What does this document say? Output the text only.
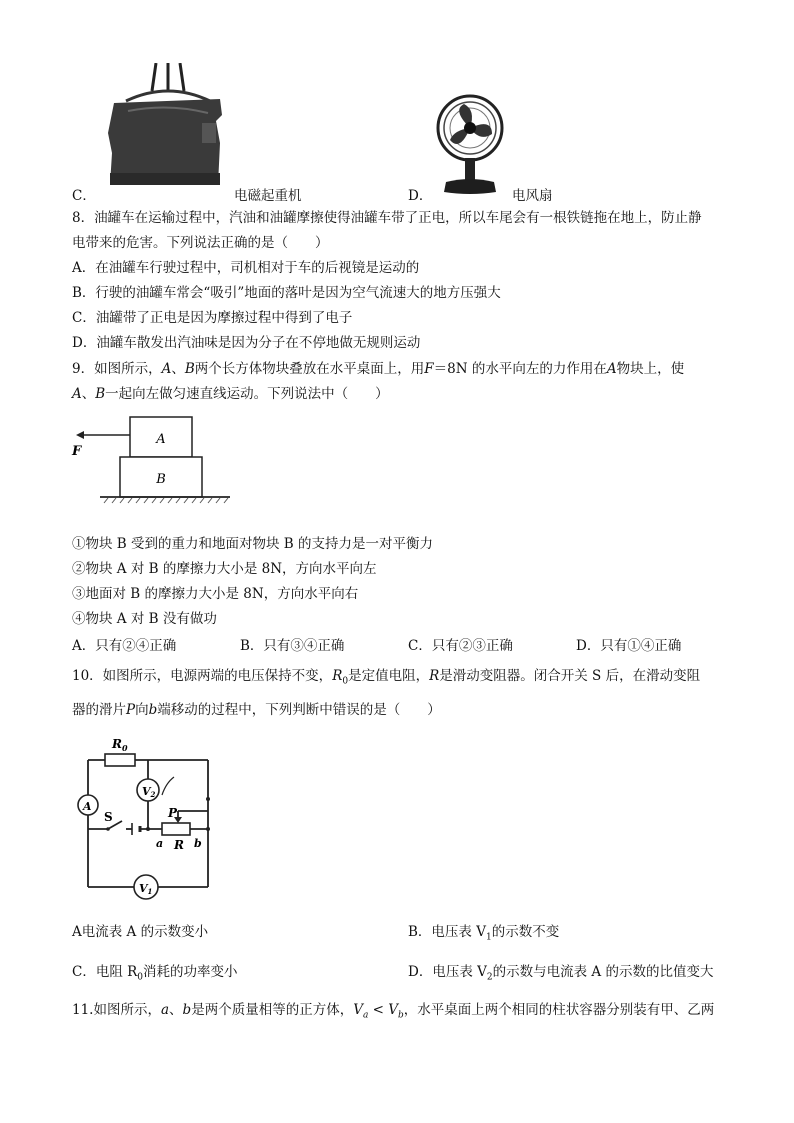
C．	电磁起重机	D．	电风扇
8．油罐车在运输过程中，汽油和油罐摩擦使得油罐车带了正电，所以车尾会有一根铁链拖在地上，防止静
电带来的危害。下列说法正确的是（　　）
A．在油罐车行驶过程中，司机相对于车的后视镜是运动的
B．行驶的油罐车常会“吸引”地面的落叶是因为空气流速大的地方压强大
C．油罐带了正电是因为摩擦过程中得到了电子
D．油罐车散发出汽油味是因为分子在不停地做无规则运动
9．如图所示，A、B两个长方体物块叠放在水平桌面上，用F＝8N 的水平向左的力作用在A物块上，使
A、B一起向左做匀速直线运动。下列说法中（　　）
A
B
F
①物块 B 受到的重力和地面对物块 B 的支持力是一对平衡力
②物块 A 对 B 的摩擦力大小是 8N，方向水平向左
③地面对 B 的摩擦力大小是 8N，方向水平向右
④物块 A 对 B 没有做功
A．只有②④正确	B．只有③④正确	C．只有②③正确	D．只有①④正确
10．如图所示，电源两端的电压保持不变，$R_0$是定值电阻，R是滑动变阻器。闭合开关 S 后，在滑动变阻
器的滑片P向b端移动的过程中，下列判断中错误的是（　　）
$R_0$
V2
A
S	P
a R b
V1
A电流表 A 的示数变小	B．电压表 $V_1$的示数不变
C．电阻 $R_0$消耗的功率变小	D．电压表 $V_2$的示数与电流表 A 的示数的比值变大
11.如图所示，a、b是两个质量相等的正方体，$V_a < V_b$，水平桌面上两个相同的柱状容器分别装有甲、乙两
